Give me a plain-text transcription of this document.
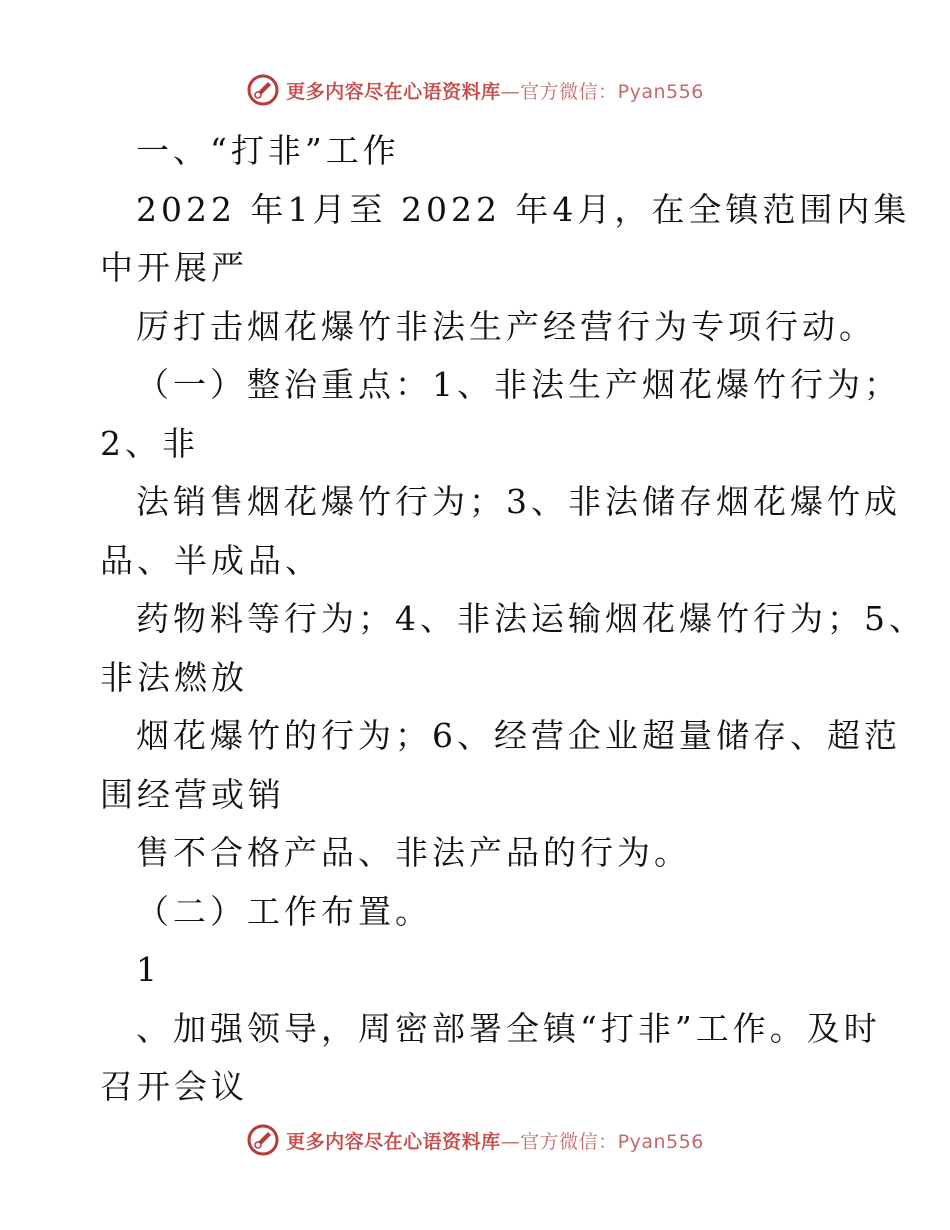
更多内容尽在心语资料库 —官方微信：Pyan556
一、“打非”工作
2022 年1月至 2022 年4月，在全镇范围内集
中开展严
厉打击烟花爆竹非法生产经营行为专项行动。
（一）整治重点：1、非法生产烟花爆竹行为；
2、非
法销售烟花爆竹行为；3、非法储存烟花爆竹成
品、半成品、
药物料等行为；4、非法运输烟花爆竹行为；5、
非法燃放
烟花爆竹的行为；6、经营企业超量储存、超范
围经营或销
售不合格产品、非法产品的行为。
（二）工作布置。
1
、加强领导，周密部署全镇“打非”工作。及时
召开会议
更多内容尽在心语资料库 —官方微信：Pyan556
